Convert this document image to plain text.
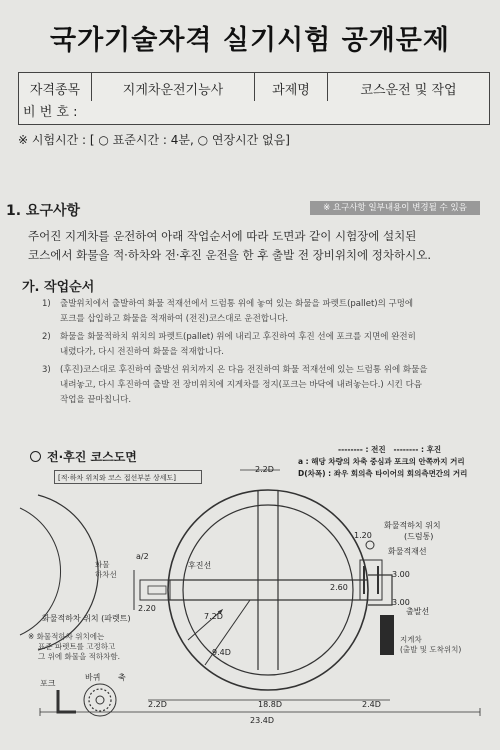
국가기술자격 실기시험 공개문제
자격종목	지게차운전기능사	과제명	코스운전 및 작업
비 번 호 :
※ 시험시간 : [ ○ 표준시간 : 4분, ○ 연장시간 없음]
1. 요구사항	※ 요구사항 일부내용이 변경될 수 있음
주어진 지게차를 운전하여 아래 작업순서에 따라 도면과 같이 시험장에 설치된
코스에서 화물을 적·하차와 전·후진 운전을 한 후 출발 전 장비위치에 정차하시오.
가. 작업순서
1) 출발위치에서 출발하여 화물 적재선에서 드럼통 위에 놓여 있는 화물을 파렛트(pallet)의 구멍에
포크를 삽입하고 화물을 적재하여 (전진)코스대로 운전합니다.
2) 화물을 화물적하치 위치의 파렛트(pallet) 위에 내리고 후진하여 후진 선에 포크를 지면에 완전히
내렸다가, 다시 전진하여 화물을 적재합니다.
3) (후진)코스대로 후진하여 출발선 위치까지 온 다음 전진하여 화물 적재선에 있는 드럼통 위에 화물을
내려놓고, 다시 후진하여 출발 전 장비위치에 지게차를 정지(포크는 바닥에 내려놓는다.) 시킨 다음
작업을 끝마칩니다.
전·후진 코스도면
[적·하차 위치와 코스 접선부분 상세도]
-------- : 전진 -------- : 후진
a : 해당 차량의 차축 중심과 포크의 안쪽까지 거리
D(차폭) : 좌우 회의측 타이어의 회의측면간의 거리
2.2D
화물적하치 위치
(드럼통)
1.20
화물적재선
3.00
3.00
출발선
2.60
2.20
a/2
7.2D
9.4D
후진선
화물
하차선
화물적하차 위치 (파렛트)
지게차
(출발 및 도착위치)
※ 화물적하차 위치에는
표준 파렛트를 고정하고
그 위에 화물을 적하차함.
포크
바퀴 축
2.2D	18.8D	2.4D
23.4D
